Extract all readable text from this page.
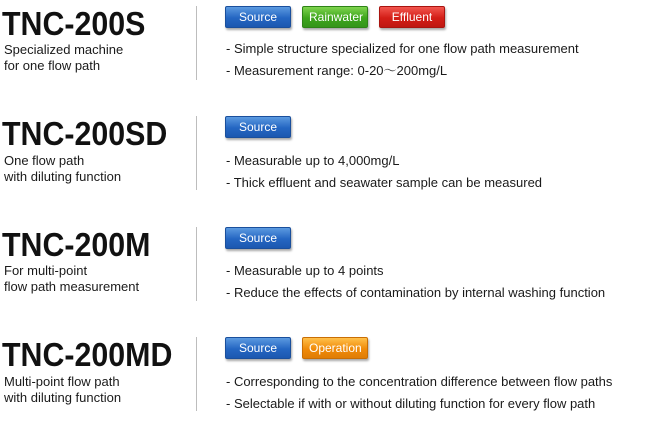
TNC-200S
Specialized machine
for one flow path
Source	Rainwater	Effluent
- Simple structure specialized for one flow path measurement
- Measurement range: 0-20～200mg/L
TNC-200SD
One flow path
with diluting function
Source
- Measurable up to 4,000mg/L
- Thick effluent and seawater sample can be measured
TNC-200M
For multi-point
flow path measurement
Source
- Measurable up to 4 points
- Reduce the effects of contamination by internal washing function
TNC-200MD
Multi-point flow path
with diluting function
Source	Operation
- Corresponding to the concentration difference between flow paths
- Selectable if with or without diluting function for every flow path
